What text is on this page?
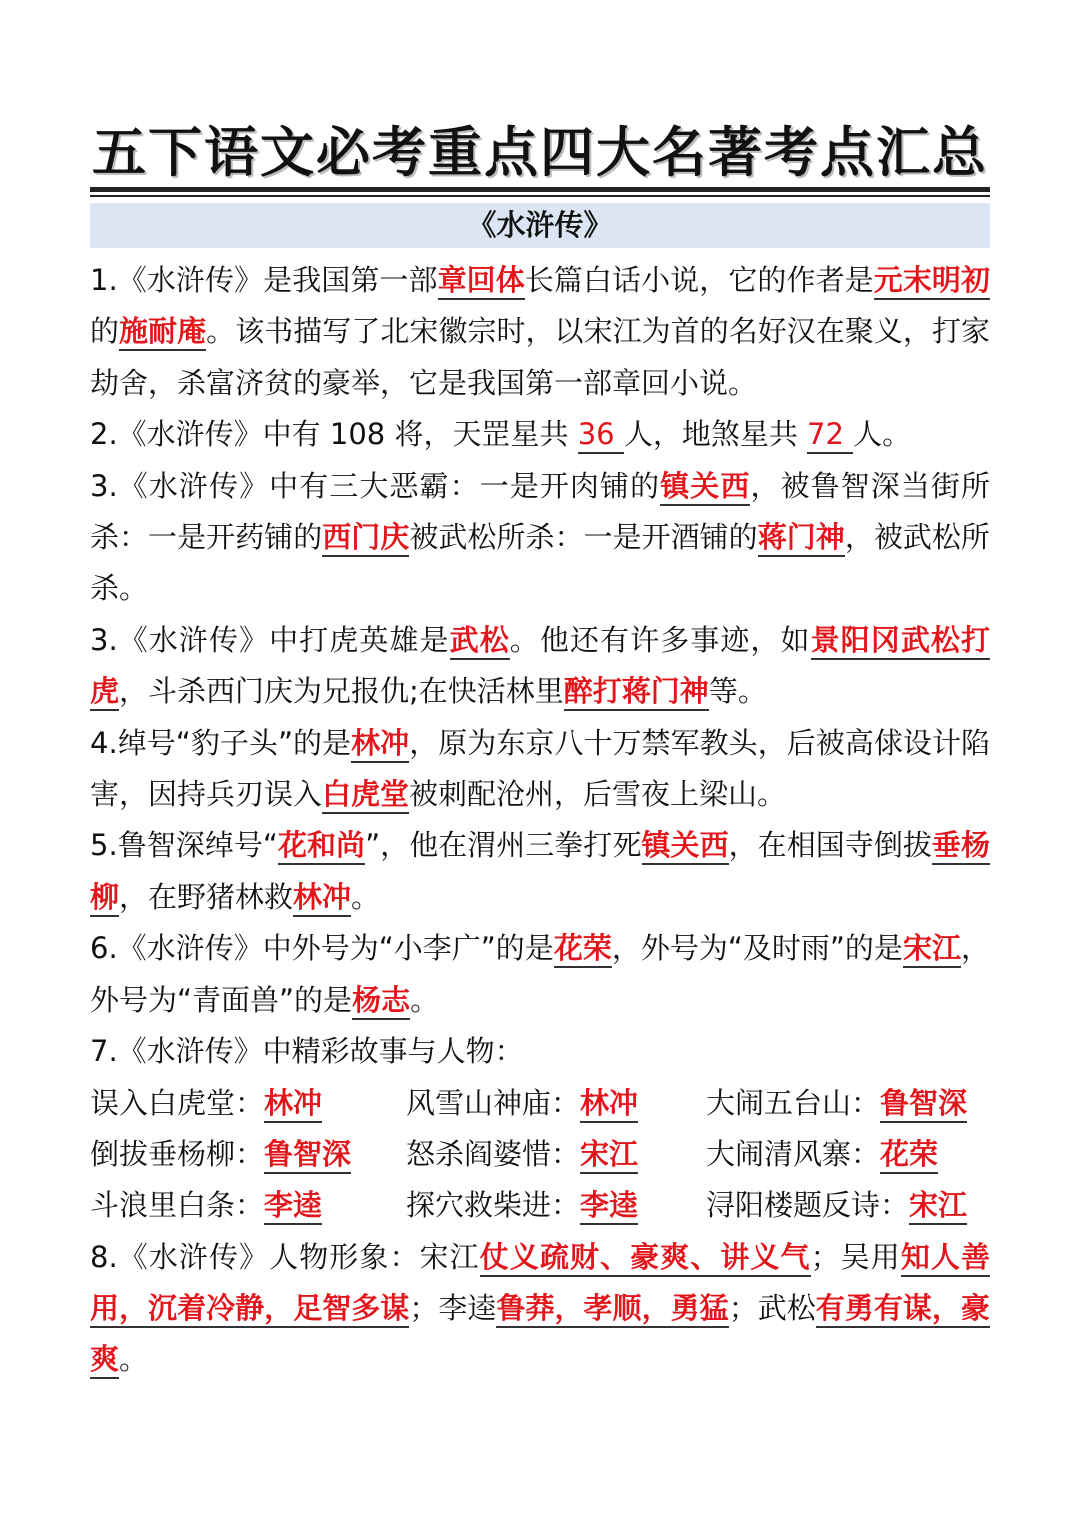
五下语文必考重点四大名著考点汇总
《水浒传》

1.《水浒传》是我国第一部章回体长篇白话小说，它的作者是元末明初的施耐庵。该书描写了北宋徽宗时，以宋江为首的名好汉在聚义，打家劫舍，杀富济贫的豪举，它是我国第一部章回小说。

2.《水浒传》中有 108 将，天罡星共 36 人，地煞星共 72 人。

3.《水浒传》中有三大恶霸：一是开肉铺的镇关西，被鲁智深当街所杀：一是开药铺的西门庆被武松所杀：一是开酒铺的蒋门神，被武松所杀。

3.《水浒传》中打虎英雄是武松。他还有许多事迹，如景阳冈武松打虎，斗杀西门庆为兄报仇;在快活林里醉打蒋门神等。

4.绰号“豹子头”的是林冲，原为东京八十万禁军教头，后被高俅设计陷害，因持兵刃误入白虎堂被刺配沧州，后雪夜上梁山。

5.鲁智深绰号“花和尚”，他在渭州三拳打死镇关西，在相国寺倒拔垂杨柳，在野猪林救林冲。

6.《水浒传》中外号为“小李广”的是花荣，外号为“及时雨”的是宋江，外号为“青面兽”的是杨志。

7.《水浒传》中精彩故事与人物：

误入白虎堂：林冲	风雪山神庙：林冲	大闹五台山：鲁智深
倒拔垂杨柳：鲁智深	怒杀阎婆惜：宋江	大闹清风寨：花荣
斗浪里白条：李逵	探穴救柴进：李逵	浔阳楼题反诗：宋江

8.《水浒传》人物形象：宋江仗义疏财、豪爽、讲义气；吴用知人善用，沉着冷静，足智多谋；李逵鲁莽，孝顺，勇猛；武松有勇有谋，豪爽。
